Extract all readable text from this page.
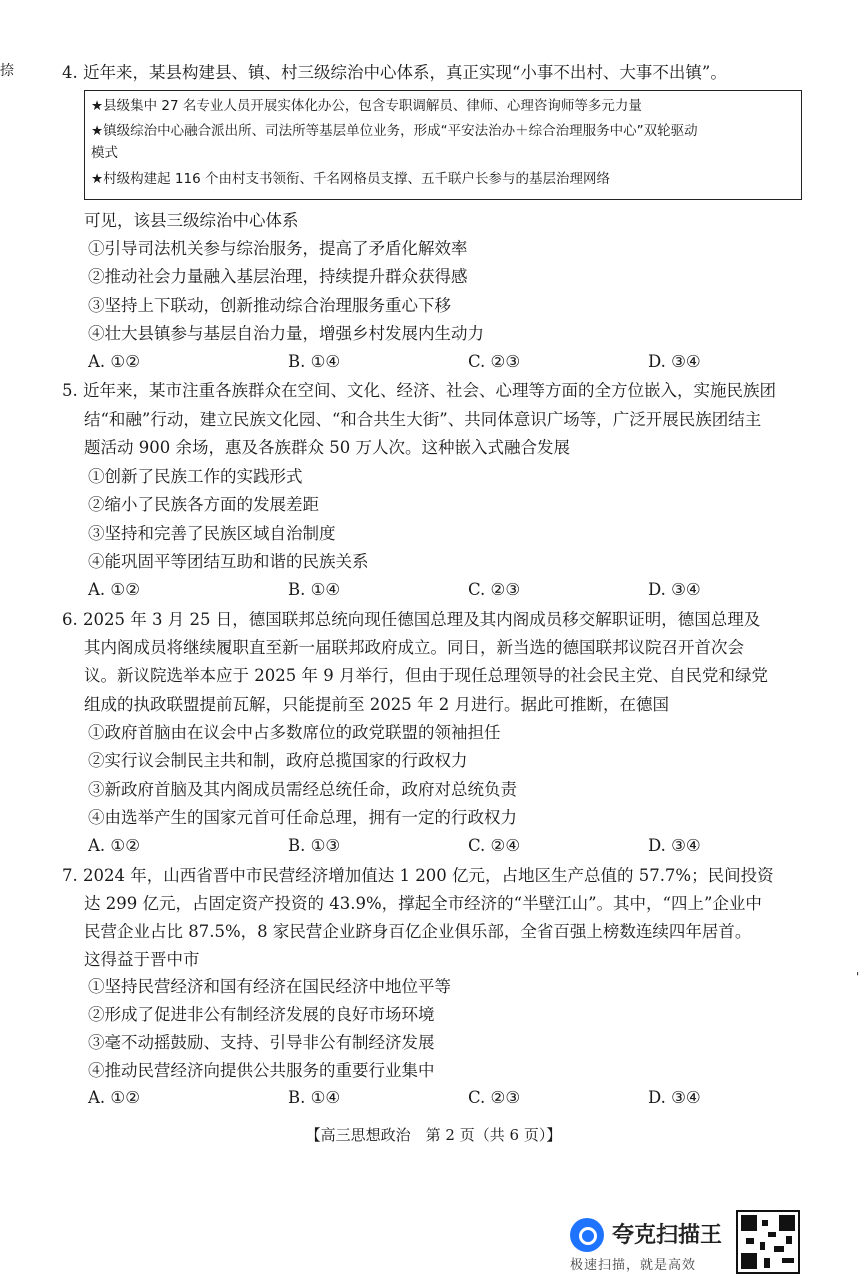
捺
'
4. 近年来，某县构建县、镇、村三级综治中心体系，真正实现“小事不出村、大事不出镇”。
★县级集中 27 名专业人员开展实体化办公，包含专职调解员、律师、心理咨询师等多元力量
★镇级综治中心融合派出所、司法所等基层单位业务，形成“平安法治办＋综合治理服务中心”双轮驱动
模式
★村级构建起 116 个由村支书领衔、千名网格员支撑、五千联户长参与的基层治理网络
可见，该县三级综治中心体系
①引导司法机关参与综治服务，提高了矛盾化解效率
②推动社会力量融入基层治理，持续提升群众获得感
③坚持上下联动，创新推动综合治理服务重心下移
④壮大县镇参与基层自治力量，增强乡村发展内生动力
A. ①②	B. ①④	C. ②③	D. ③④
5. 近年来，某市注重各族群众在空间、文化、经济、社会、心理等方面的全方位嵌入，实施民族团
结“和融”行动，建立民族文化园、“和合共生大街”、共同体意识广场等，广泛开展民族团结主
题活动 900 余场，惠及各族群众 50 万人次。这种嵌入式融合发展
①创新了民族工作的实践形式
②缩小了民族各方面的发展差距
③坚持和完善了民族区域自治制度
④能巩固平等团结互助和谐的民族关系
A. ①②	B. ①④	C. ②③	D. ③④
6. 2025 年 3 月 25 日，德国联邦总统向现任德国总理及其内阁成员移交解职证明，德国总理及
其内阁成员将继续履职直至新一届联邦政府成立。同日，新当选的德国联邦议院召开首次会
议。新议院选举本应于 2025 年 9 月举行，但由于现任总理领导的社会民主党、自民党和绿党
组成的执政联盟提前瓦解，只能提前至 2025 年 2 月进行。据此可推断，在德国
①政府首脑由在议会中占多数席位的政党联盟的领袖担任
②实行议会制民主共和制，政府总揽国家的行政权力
③新政府首脑及其内阁成员需经总统任命，政府对总统负责
④由选举产生的国家元首可任命总理，拥有一定的行政权力
A. ①②	B. ①③	C. ②④	D. ③④
7. 2024 年，山西省晋中市民营经济增加值达 1 200 亿元，占地区生产总值的 57.7%；民间投资
达 299 亿元，占固定资产投资的 43.9%，撑起全市经济的“半壁江山”。其中，“四上”企业中
民营企业占比 87.5%，8 家民营企业跻身百亿企业俱乐部，全省百强上榜数连续四年居首。
这得益于晋中市
①坚持民营经济和国有经济在国民经济中地位平等
②形成了促进非公有制经济发展的良好市场环境
③毫不动摇鼓励、支持、引导非公有制经济发展
④推动民营经济向提供公共服务的重要行业集中
A. ①②	B. ①④	C. ②③	D. ③④
【高三思想政治　第 2 页（共 6 页）】
夸克扫描王
极速扫描，就是高效
